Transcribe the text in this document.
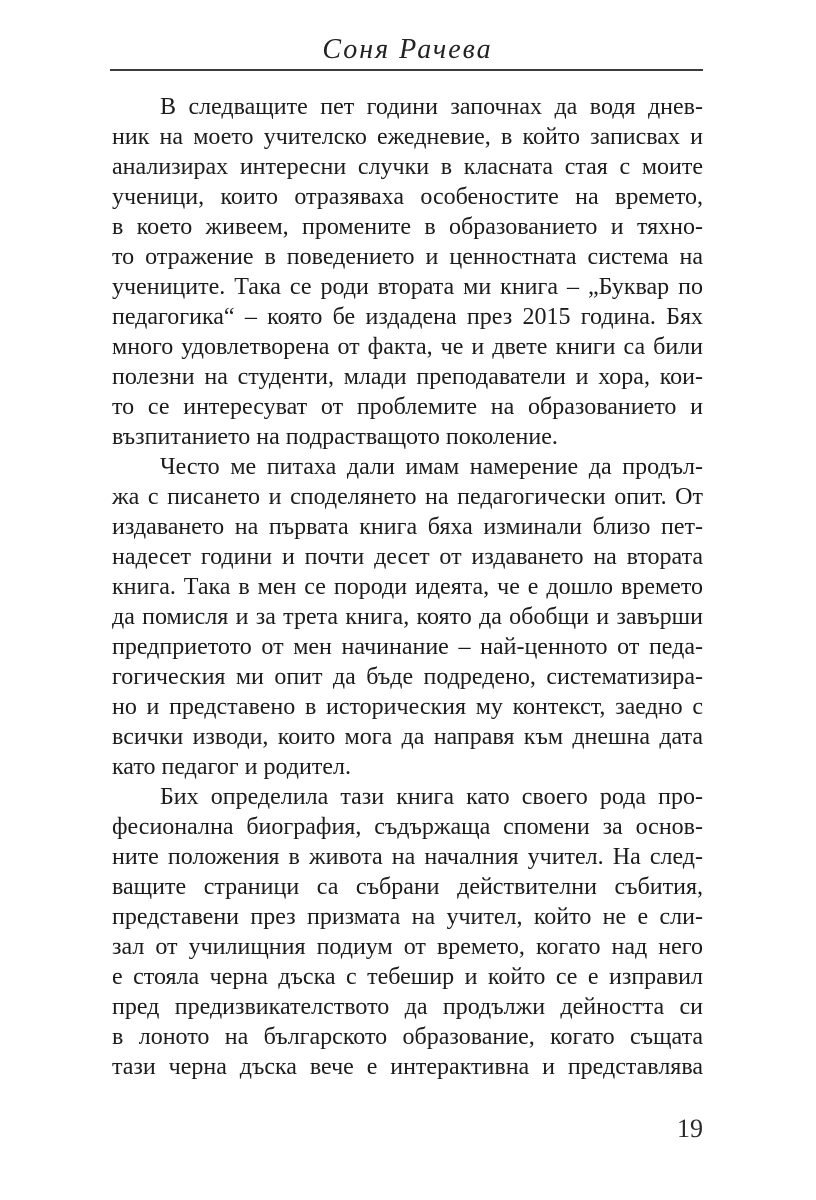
Соня Рачева
В следващите пет години започнах да водя днев-
ник на моето учителско ежедневие, в който записвах и
анализирах интересни случки в класната стая с моите
ученици, които отразяваха особеностите на времето,
в което живеем, промените в образованието и тяхно-
то отражение в поведението и ценностната система на
учениците. Така се роди втората ми книга – „Буквар по
педагогика“ – която бе издадена през 2015 година. Бях
много удовлетворена от факта, че и двете книги са били
полезни на студенти, млади преподаватели и хора, кои-
то се интересуват от проблемите на образованието и
възпитанието на подрастващото поколение.
Често ме питаха дали имам намерение да продъл-
жа с писането и споделянето на педагогически опит. От
издаването на първата книга бяха изминали близо пет-
надесет години и почти десет от издаването на втората
книга. Така в мен се породи идеята, че е дошло времето
да помисля и за трета книга, която да обобщи и завърши
предприетото от мен начинание – най-ценното от педа-
гогическия ми опит да бъде подредено, систематизира-
но и представено в историческия му контекст, заедно с
всички изводи, които мога да направя към днешна дата
като педагог и родител.
Бих определила тази книга като своего рода про-
фесионална биография, съдържаща спомени за основ-
ните положения в живота на началния учител. На след-
ващите страници са събрани действителни събития,
представени през призмата на учител, който не е сли-
зал от училищния подиум от времето, когато над него
е стояла черна дъска с тебешир и който се е изправил
пред предизвикателството да продължи дейността си
в лоното на българското образование, когато същата
тази черна дъска вече е интерактивна и представлява
19
